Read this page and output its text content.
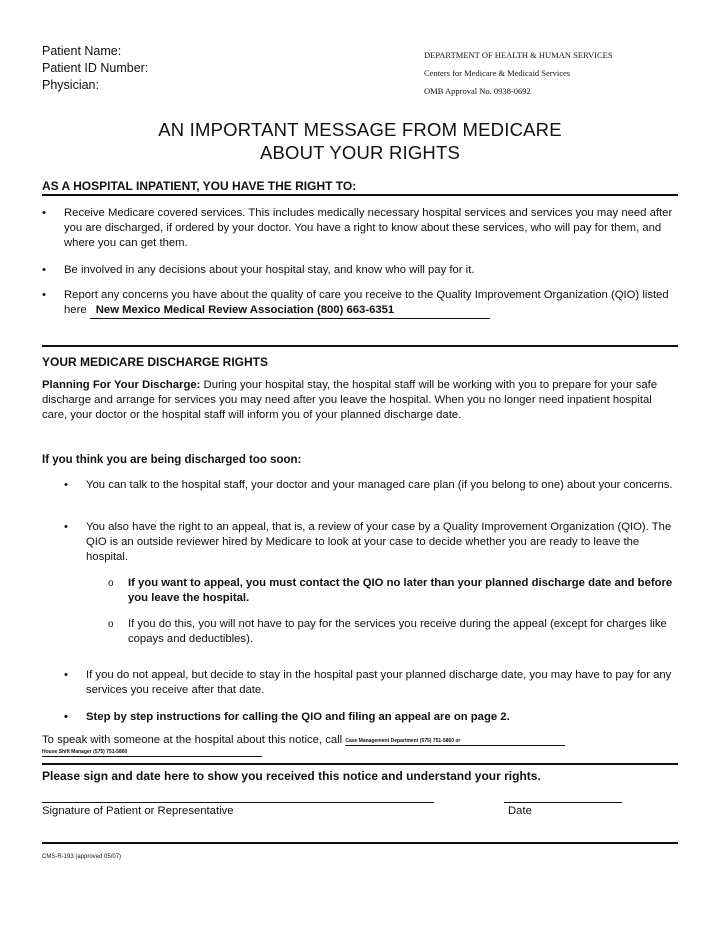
Patient Name:
Patient ID Number:
Physician:
DEPARTMENT OF HEALTH & HUMAN SERVICES
Centers for Medicare & Medicaid Services
OMB Approval No. 0938-0692
AN IMPORTANT MESSAGE FROM MEDICARE
ABOUT YOUR RIGHTS
AS A HOSPITAL INPATIENT, YOU HAVE THE RIGHT TO:
• Receive Medicare covered services. This includes medically necessary hospital services and services you may need after you are discharged, if ordered by your doctor. You have a right to know about these services, who will pay for them, and where you can get them.
• Be involved in any decisions about your hospital stay, and know who will pay for it.
• Report any concerns you have about the quality of care you receive to the Quality Improvement Organization (QIO) listed here New Mexico Medical Review Association (800) 663-6351
YOUR MEDICARE DISCHARGE RIGHTS
Planning For Your Discharge: During your hospital stay, the hospital staff will be working with you to prepare for your safe discharge and arrange for services you may need after you leave the hospital. When you no longer need inpatient hospital care, your doctor or the hospital staff will inform you of your planned discharge date.
If you think you are being discharged too soon:
• You can talk to the hospital staff, your doctor and your managed care plan (if you belong to one) about your concerns.
• You also have the right to an appeal, that is, a review of your case by a Quality Improvement Organization (QIO). The QIO is an outside reviewer hired by Medicare to look at your case to decide whether you are ready to leave the hospital.
o If you want to appeal, you must contact the QIO no later than your planned discharge date and before you leave the hospital.
o If you do this, you will not have to pay for the services you receive during the appeal (except for charges like copays and deductibles).
• If you do not appeal, but decide to stay in the hospital past your planned discharge date, you may have to pay for any services you receive after that date.
• Step by step instructions for calling the QIO and filing an appeal are on page 2.
To speak with someone at the hospital about this notice, call Case Management Department (575) 751-5860 or
House Shift Manager (575) 751-5860
Please sign and date here to show you received this notice and understand your rights.
Signature of Patient or Representative	Date
CMS-R-193 (approved 05/07)
